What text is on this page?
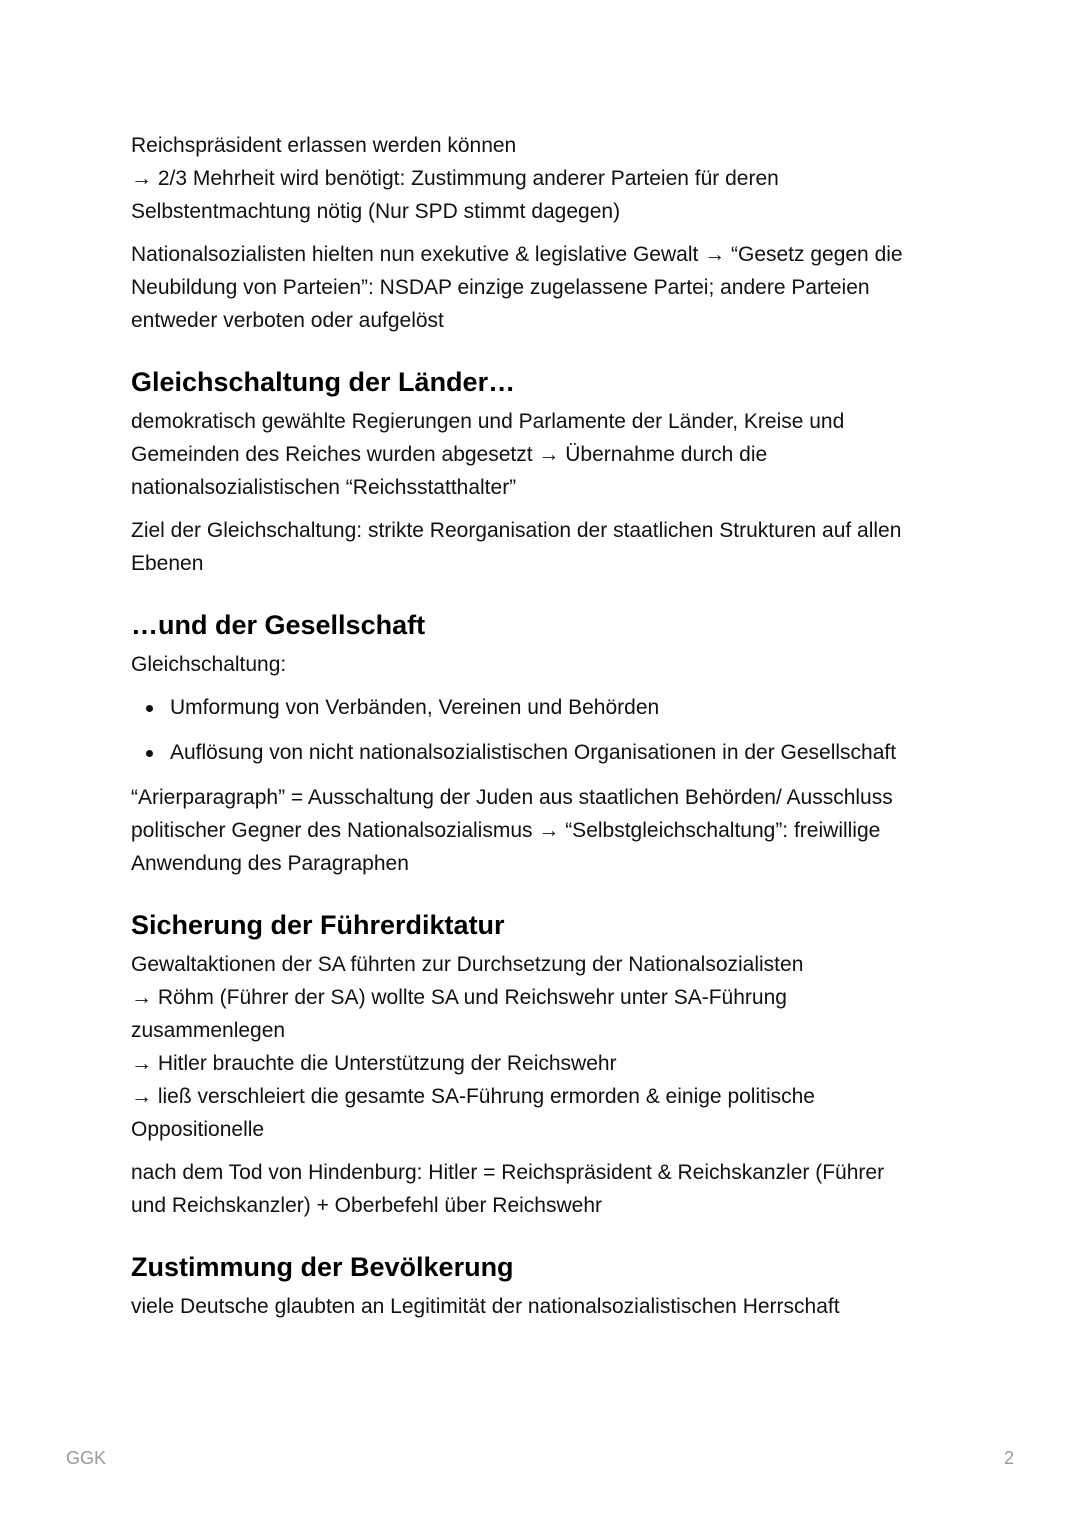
Reichspräsident erlassen werden können
→ 2/3 Mehrheit wird benötigt: Zustimmung anderer Parteien für deren
Selbstentmachtung nötig (Nur SPD stimmt dagegen)

Nationalsozialisten hielten nun exekutive & legislative Gewalt → “Gesetz gegen die
Neubildung von Parteien”: NSDAP einzige zugelassene Partei; andere Parteien
entweder verboten oder aufgelöst

Gleichschaltung der Länder…

demokratisch gewählte Regierungen und Parlamente der Länder, Kreise und
Gemeinden des Reiches wurden abgesetzt → Übernahme durch die
nationalsozialistischen “Reichsstatthalter”

Ziel der Gleichschaltung: strikte Reorganisation der staatlichen Strukturen auf allen
Ebenen

…und der Gesellschaft

Gleichschaltung:

Umformung von Verbänden, Vereinen und Behörden
Auflösung von nicht nationalsozialistischen Organisationen in der Gesellschaft

“Arierparagraph” = Ausschaltung der Juden aus staatlichen Behörden/ Ausschluss
politischer Gegner des Nationalsozialismus → “Selbstgleichschaltung”: freiwillige
Anwendung des Paragraphen

Sicherung der Führerdiktatur

Gewaltaktionen der SA führten zur Durchsetzung der Nationalsozialisten
→ Röhm (Führer der SA) wollte SA und Reichswehr unter SA-Führung
zusammenlegen
→ Hitler brauchte die Unterstützung der Reichswehr
→ ließ verschleiert die gesamte SA-Führung ermorden & einige politische
Oppositionelle

nach dem Tod von Hindenburg: Hitler = Reichspräsident & Reichskanzler (Führer
und Reichskanzler) + Oberbefehl über Reichswehr

Zustimmung der Bevölkerung

viele Deutsche glaubten an Legitimität der nationalsozialistischen Herrschaft

GGK	2
